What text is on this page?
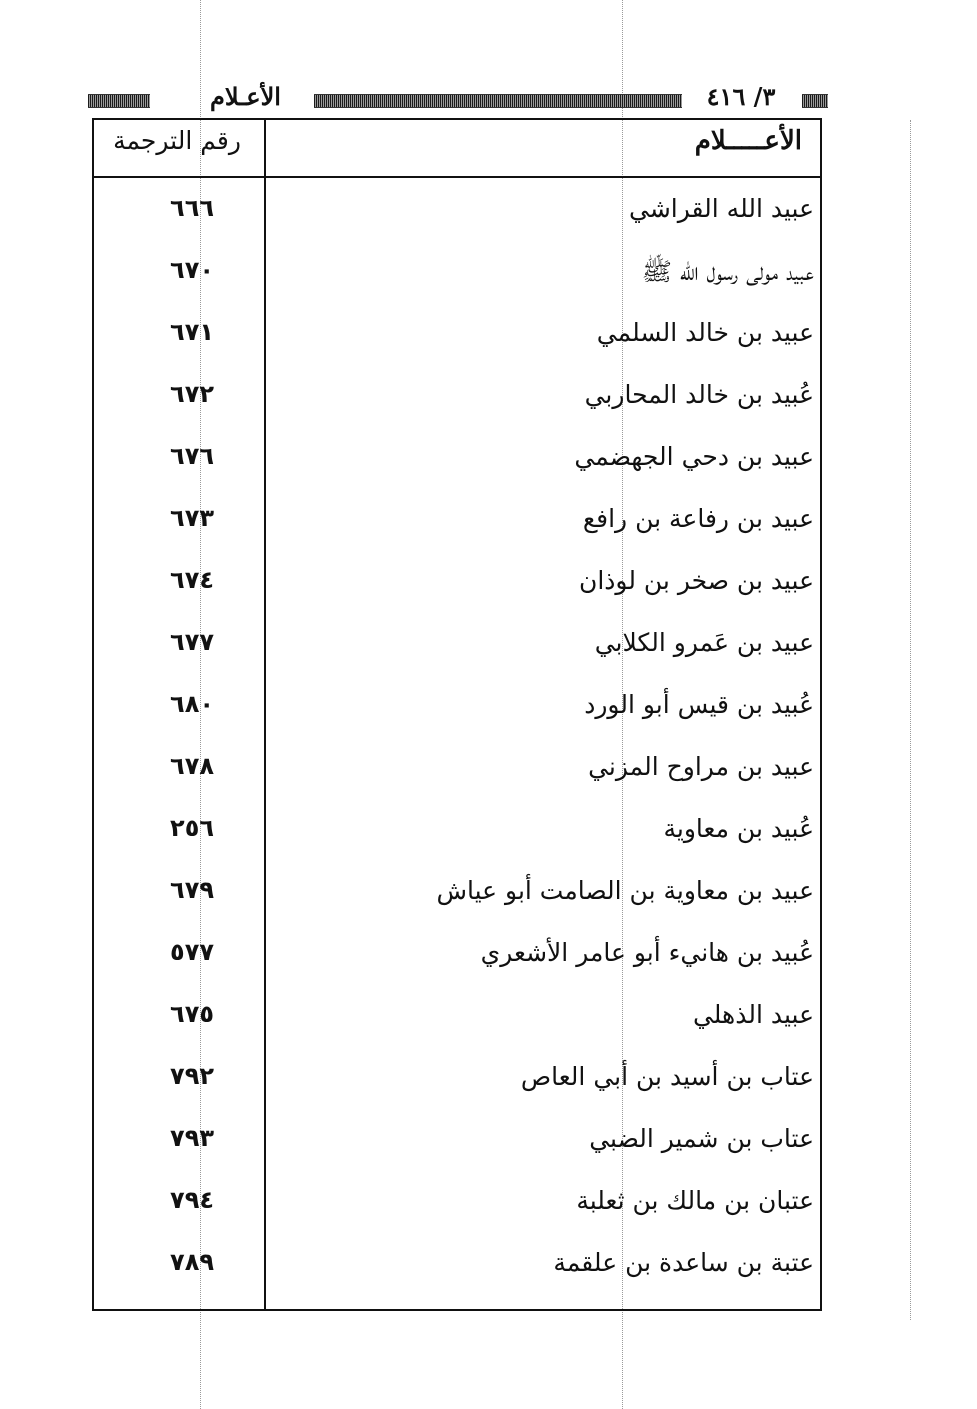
الأعـلام	٣/ ٤١٦
الأعـــــلام
رقم الترجمة
عبيد الله القراشي
٦٦٦
عبيد مولى رسول الله ﷺ
٦٧٠
عبيد بن خالد السلمي
٦٧١
عُبيد بن خالد المحاربي
٦٧٢
عبيد بن دحي الجهضمي
٦٧٦
عبيد بن رفاعة بن رافع
٦٧٣
عبيد بن صخر بن لوذان
٦٧٤
عبيد بن عَمرو الكلابي
٦٧٧
عُبيد بن قيس أبو الورد
٦٨٠
عبيد بن مراوح المزني
٦٧٨
عُبيد بن معاوية
٢٥٦
عبيد بن معاوية بن الصامت أبو عياش
٦٧٩
عُبيد بن هانيء أبو عامر الأشعري
٥٧٧
عبيد الذهلي
٦٧٥
عتاب بن أسيد بن أبي العاص
٧٩٢
عتاب بن شمير الضبي
٧٩٣
عتبان بن مالك بن ثعلبة
٧٩٤
عتبة بن ساعدة بن علقمة
٧٨٩
